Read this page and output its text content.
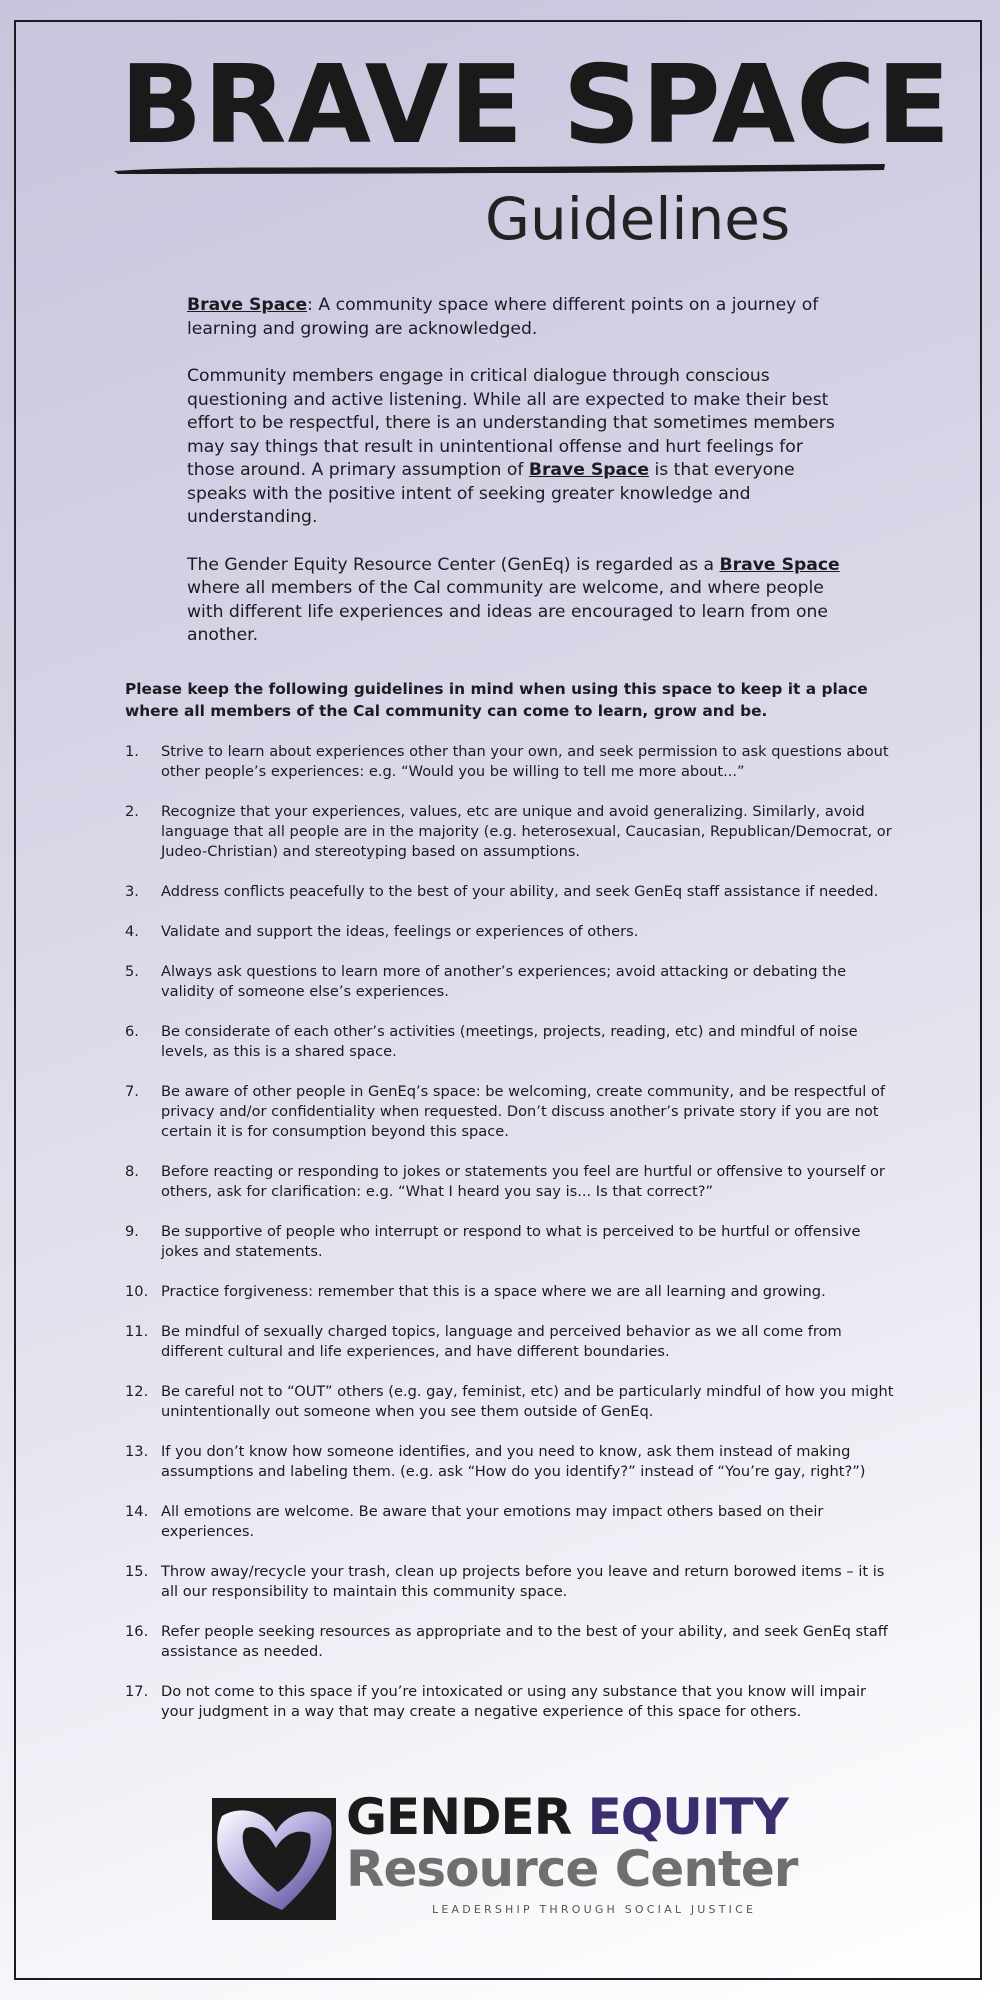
BRAVE SPACE
Guidelines

Brave Space: A community space where different points on a journey of learning and growing are acknowledged.

Community members engage in critical dialogue through conscious questioning and active listening. While all are expected to make their best effort to be respectful, there is an understanding that sometimes members may say things that result in unintentional offense and hurt feelings for those around. A primary assumption of Brave Space is that everyone speaks with the positive intent of seeking greater knowledge and understanding.

The Gender Equity Resource Center (GenEq) is regarded as a Brave Space where all members of the Cal community are welcome, and where people with different life experiences and ideas are encouraged to learn from one another.

Please keep the following guidelines in mind when using this space to keep it a place where all members of the Cal community can come to learn, grow and be.
1. Strive to learn about experiences other than your own, and seek permission to ask questions about other people’s experiences: e.g. “Would you be willing to tell me more about...”
2. Recognize that your experiences, values, etc are unique and avoid generalizing. Similarly, avoid language that all people are in the majority (e.g. heterosexual, Caucasian, Republican/Democrat, or Judeo-Christian) and stereotyping based on assumptions.
3. Address conflicts peacefully to the best of your ability, and seek GenEq staff assistance if needed.
4. Validate and support the ideas, feelings or experiences of others.
5. Always ask questions to learn more of another’s experiences; avoid attacking or debating the validity of someone else’s experiences.
6. Be considerate of each other’s activities (meetings, projects, reading, etc) and mindful of noise levels, as this is a shared space.
7. Be aware of other people in GenEq’s space: be welcoming, create community, and be respectful of privacy and/or confidentiality when requested. Don’t discuss another’s private story if you are not certain it is for consumption beyond this space.
8. Before reacting or responding to jokes or statements you feel are hurtful or offensive to yourself or others, ask for clarification: e.g. “What I heard you say is... Is that correct?”
9. Be supportive of people who interrupt or respond to what is perceived to be hurtful or offensive jokes and statements.
10. Practice forgiveness: remember that this is a space where we are all learning and growing.
11. Be mindful of sexually charged topics, language and perceived behavior as we all come from different cultural and life experiences, and have different boundaries.
12. Be careful not to “OUT” others (e.g. gay, feminist, etc) and be particularly mindful of how you might unintentionally out someone when you see them outside of GenEq.
13. If you don’t know how someone identifies, and you need to know, ask them instead of making assumptions and labeling them. (e.g. ask “How do you identify?” instead of “You’re gay, right?”)
14. All emotions are welcome. Be aware that your emotions may impact others based on their experiences.
15. Throw away/recycle your trash, clean up projects before you leave and return borowed items – it is all our responsibility to maintain this community space.
16. Refer people seeking resources as appropriate and to the best of your ability, and seek GenEq staff assistance as needed.
17. Do not come to this space if you’re intoxicated or using any substance that you know will impair your judgment in a way that may create a negative experience of this space for others.
GENDER EQUITY
Resource Center
LEADERSHIP THROUGH SOCIAL JUSTICE
